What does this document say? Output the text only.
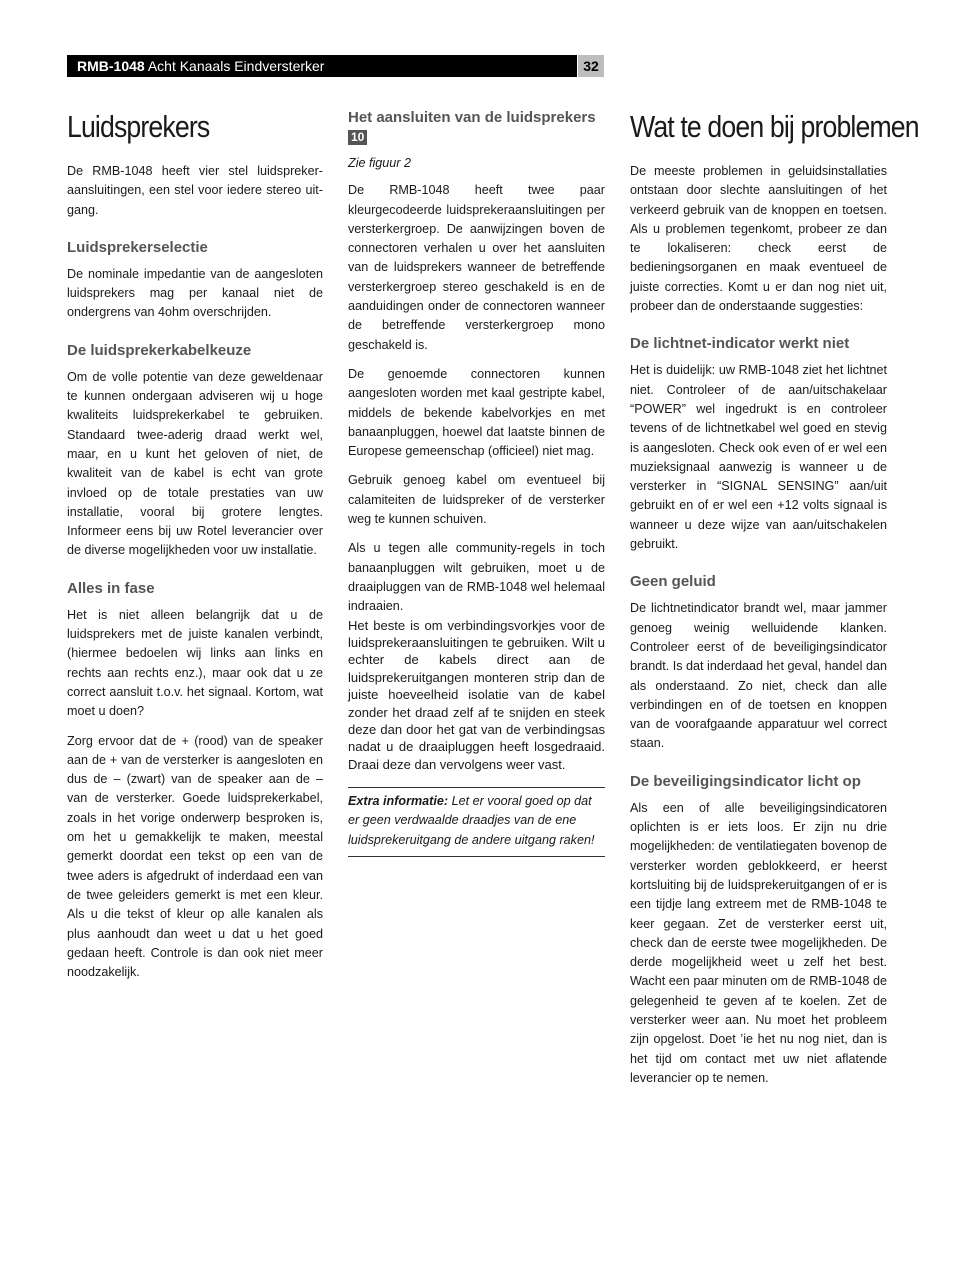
RMB-1048 Acht Kanaals Eindversterker	32
Luidsprekers

De RMB-1048 heeft vier stel luidspreker-aansluitingen, een stel voor iedere stereo uit-gang.

Luidsprekerselectie

De nominale impedantie van de aangesloten luidsprekers mag per kanaal niet de ondergrens van 4ohm overschrijden.

De luidsprekerkabelkeuze

Om de volle potentie van deze geweldenaar te kunnen ondergaan adviseren wij u hoge kwaliteits luidsprekerkabel te gebruiken. Standaard twee-aderig draad werkt wel, maar, en u kunt het geloven of niet, de kwaliteit van de kabel is echt van grote invloed op de totale prestaties van uw installatie, vooral bij grotere lengtes. Informeer eens bij uw Rotel leverancier over de diverse mogelijkheden voor uw installatie.

Alles in fase

Het is niet alleen belangrijk dat u de luidsprekers met de juiste kanalen verbindt, (hiermee bedoelen wij links aan links en rechts aan rechts enz.), maar ook dat u ze correct aansluit t.o.v. het signaal. Kortom, wat moet u doen?

Zorg ervoor dat de + (rood) van de speaker aan de + van de versterker is aangesloten en dus de – (zwart) van de speaker aan de – van de versterker. Goede luidsprekerkabel, zoals in het vorige onderwerp besproken is, om het u gemakkelijk te maken, meestal gemerkt doordat een tekst op een van de twee aders is afgedrukt of inderdaad een van de twee geleiders gemerkt is met een kleur. Als u die tekst of kleur op alle kanalen als plus aanhoudt dan weet u dat u het goed gedaan heeft. Controle is dan ook niet meer noodzakelijk.

Het aansluiten van de luidsprekers 10

Zie figuur 2

De RMB-1048 heeft twee paar kleurgecodeerde luidsprekeraansluitingen per versterkergroep. De aanwijzingen boven de connectoren verhalen u over het aansluiten van de luidsprekers wanneer de betreffende versterkergroep stereo geschakeld is en de aanduidingen onder de connectoren wanneer de betreffende versterkergroep mono geschakeld is.

De genoemde connectoren kunnen aangesloten worden met kaal gestripte kabel, middels de bekende kabelvorkjes en met banaanpluggen, hoewel dat laatste binnen de Europese gemeenschap (officieel) niet mag.

Gebruik genoeg kabel om eventueel bij calamiteiten de luidspreker of de versterker weg te kunnen schuiven.

Als u tegen alle community-regels in toch banaanpluggen wilt gebruiken, moet u de draaipluggen van de RMB-1048 wel helemaal indraaien.

Het beste is om verbindingsvorkjes voor de luidsprekeraansluitingen te gebruiken. Wilt u echter de kabels direct aan de luidsprekeruitgangen monteren strip dan de juiste hoeveelheid isolatie van de kabel zonder het draad zelf af te snijden en steek deze dan door het gat van de verbindingsas nadat u de draaipluggen heeft losgedraaid. Draai deze dan vervolgens weer vast.

Extra informatie: Let er vooral goed op dat er geen verdwaalde draadjes van de ene luidsprekeruitgang de andere uitgang raken!

Wat te doen bij problemen

De meeste problemen in geluidsinstallaties ontstaan door slechte aansluitingen of het verkeerd gebruik van de knoppen en toetsen. Als u problemen tegenkomt, probeer ze dan te lokaliseren: check eerst de bedieningsorganen en maak eventueel de juiste correcties. Komt u er dan nog niet uit, probeer dan de onderstaande suggesties:

De lichtnet-indicator werkt niet

Het is duidelijk: uw RMB-1048 ziet het lichtnet niet. Controleer of de aan/uitschakelaar “POWER” wel ingedrukt is en controleer tevens of de lichtnetkabel wel goed en stevig is aangesloten. Check ook even of er wel een muzieksignaal aanwezig is wanneer u de versterker in “SIGNAL SENSING” aan/uit gebruikt en of er wel een +12 volts signaal is wanneer u deze wijze van aan/uitschakelen gebruikt.

Geen geluid

De lichtnetindicator brandt wel, maar jammer genoeg weinig welluidende klanken. Controleer eerst of de beveiligingsindicator brandt. Is dat inderdaad het geval, handel dan als onderstaand. Zo niet, check dan alle verbindingen en of de toetsen en knoppen van de voorafgaande apparatuur wel correct staan.

De beveiligingsindicator licht op

Als een of alle beveiligingsindicatoren oplichten is er iets loos. Er zijn nu drie mogelijkheden: de ventilatiegaten bovenop de versterker worden geblokkeerd, er heerst kortsluiting bij de luidsprekeruitgangen of er is een tijdje lang extreem met de RMB-1048 te keer gegaan. Zet de versterker eerst uit, check dan de eerste twee mogelijkheden. De derde mogelijkheid weet u zelf het best. Wacht een paar minuten om de RMB-1048 de gelegenheid te geven af te koelen. Zet de versterker weer aan. Nu moet het probleem zijn opgelost. Doet ’ie het nu nog niet, dan is het tijd om contact met uw niet aflatende leverancier op te nemen.
